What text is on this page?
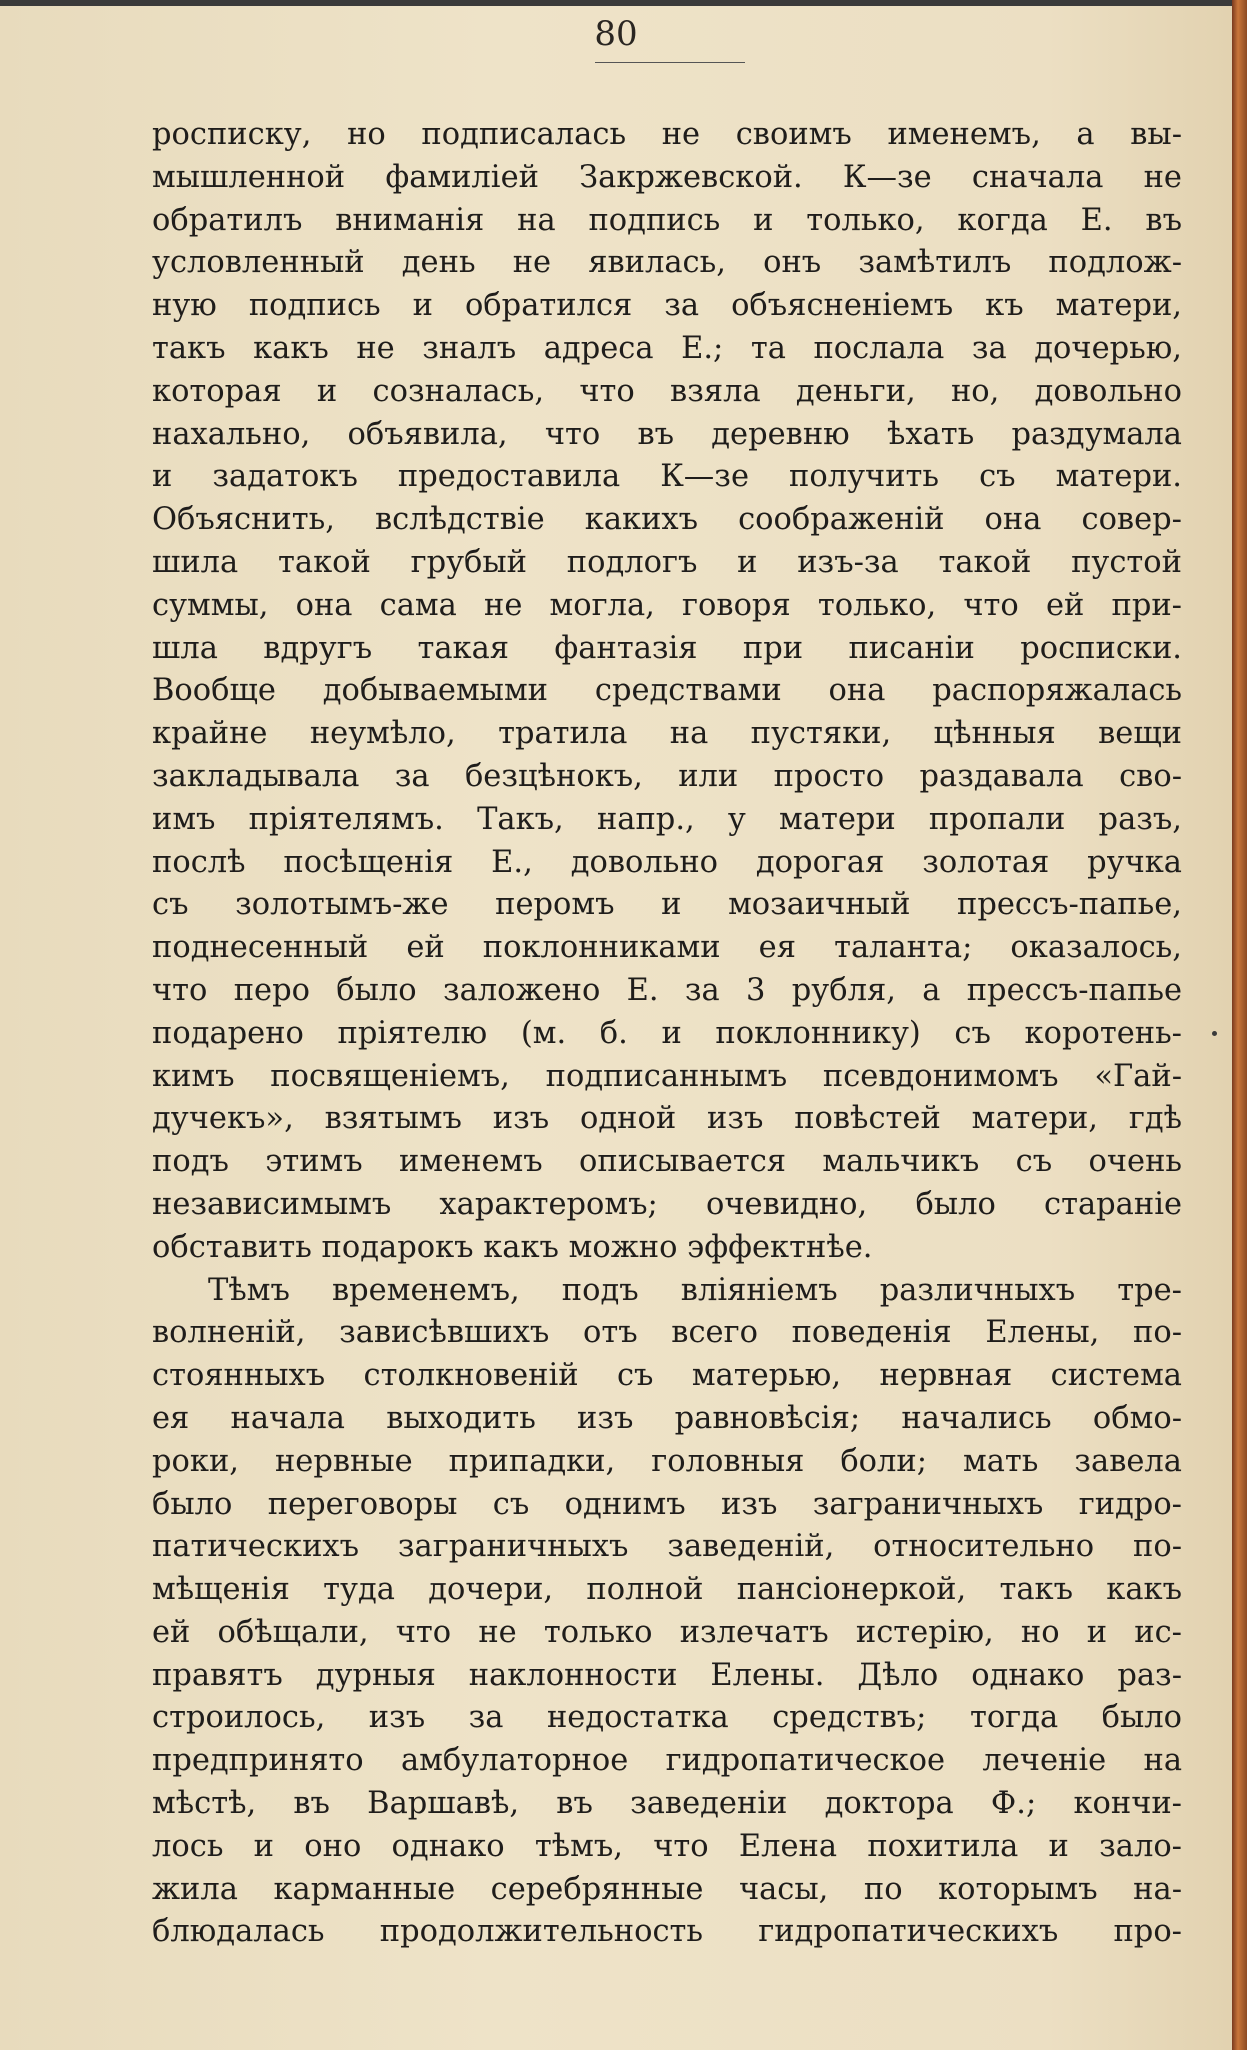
80
росписку, но подписалась не своимъ именемъ, а вы-
мышленной фамиліей Закржевской. К—зе сначала не
обратилъ вниманія на подпись и только, когда Е. въ
условленный день не явилась, онъ замѣтилъ подлож-
ную подпись и обратился за объясненіемъ къ матери,
такъ какъ не зналъ адреса Е.; та послала за дочерью,
которая и созналась, что взяла деньги, но, довольно
нахально, объявила, что въ деревню ѣхать раздумала
и задатокъ предоставила К—зе получить съ матери.
Объяснить, вслѣдствіе какихъ соображеній она совер-
шила такой грубый подлогъ и изъ-за такой пустой
суммы, она сама не могла, говоря только, что ей при-
шла вдругъ такая фантазія при писаніи росписки.
Вообще добываемыми средствами она распоряжалась
крайне неумѣло, тратила на пустяки, цѣнныя вещи
закладывала за безцѣнокъ, или просто раздавала сво-
имъ пріятелямъ. Такъ, напр., у матери пропали разъ,
послѣ посѣщенія Е., довольно дорогая золотая ручка
съ золотымъ-же перомъ и мозаичный прессъ-папье,
поднесенный ей поклонниками ея таланта; оказалось,
что перо было заложено Е. за 3 рубля, а прессъ-папье
подарено пріятелю (м. б. и поклоннику) съ коротень-
кимъ посвященіемъ, подписаннымъ псевдонимомъ «Гай-
дучекъ», взятымъ изъ одной изъ повѣстей матери, гдѣ
подъ этимъ именемъ описывается мальчикъ съ очень
независимымъ характеромъ; очевидно, было стараніе
обставить подарокъ какъ можно эффектнѣе.
Тѣмъ временемъ, подъ вліяніемъ различныхъ тре-
волненій, зависѣвшихъ отъ всего поведенія Елены, по-
стоянныхъ столкновеній съ матерью, нервная система
ея начала выходить изъ равновѣсія; начались обмо-
роки, нервные припадки, головныя боли; мать завела
было переговоры съ однимъ изъ заграничныхъ гидро-
патическихъ заграничныхъ заведеній, относительно по-
мѣщенія туда дочери, полной пансіонеркой, такъ какъ
ей обѣщали, что не только излечатъ истерію, но и ис-
правятъ дурныя наклонности Елены. Дѣло однако раз-
строилось, изъ за недостатка средствъ; тогда было
предпринято амбулаторное гидропатическое леченіе на
мѣстѣ, въ Варшавѣ, въ заведеніи доктора Ф.; кончи-
лось и оно однако тѣмъ, что Елена похитила и зало-
жила карманные серебрянные часы, по которымъ на-
блюдалась продолжительность гидропатическихъ про-
